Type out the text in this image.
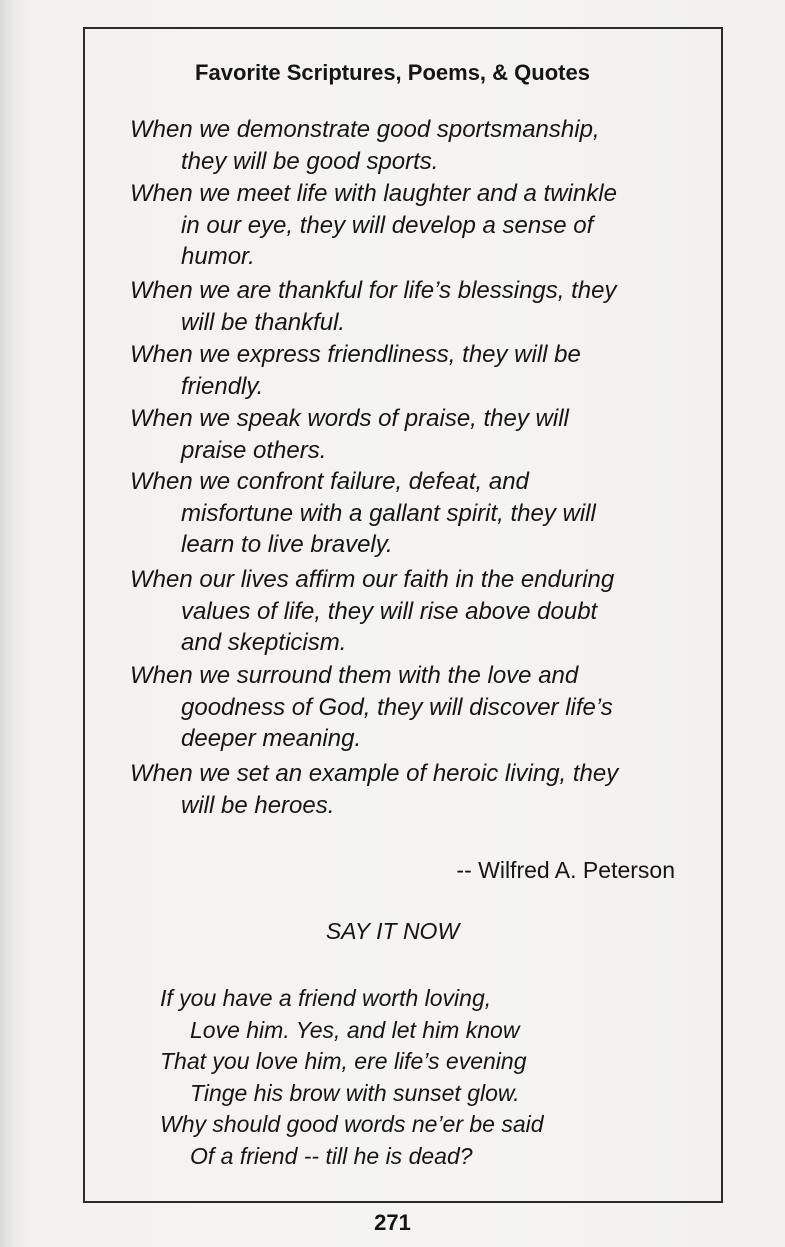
Favorite Scriptures, Poems, & Quotes

When we demonstrate good sportsmanship,

they will be good sports.

When we meet life with laughter and a twinkle

in our eye, they will develop a sense of
humor.

When we are thankful for life’s blessings, they

will be thankful.

When we express friendliness, they will be

friendly.

When we speak words of praise, they will

praise others.

When we confront failure, defeat, and

misfortune with a gallant spirit, they will
learn to live bravely.

When our lives affirm our faith in the enduring

values of life, they will rise above doubt
and skepticism.

When we surround them with the love and

goodness of God, they will discover life’s
deeper meaning.

When we set an example of heroic living, they

will be heroes.
-- Wilfred A. Peterson
SAY IT NOW
If you have a friend worth loving,
Love him. Yes, and let him know
That you love him, ere life’s evening
Tinge his brow with sunset glow.
Why should good words ne’er be said
Of a friend -- till he is dead?
271
